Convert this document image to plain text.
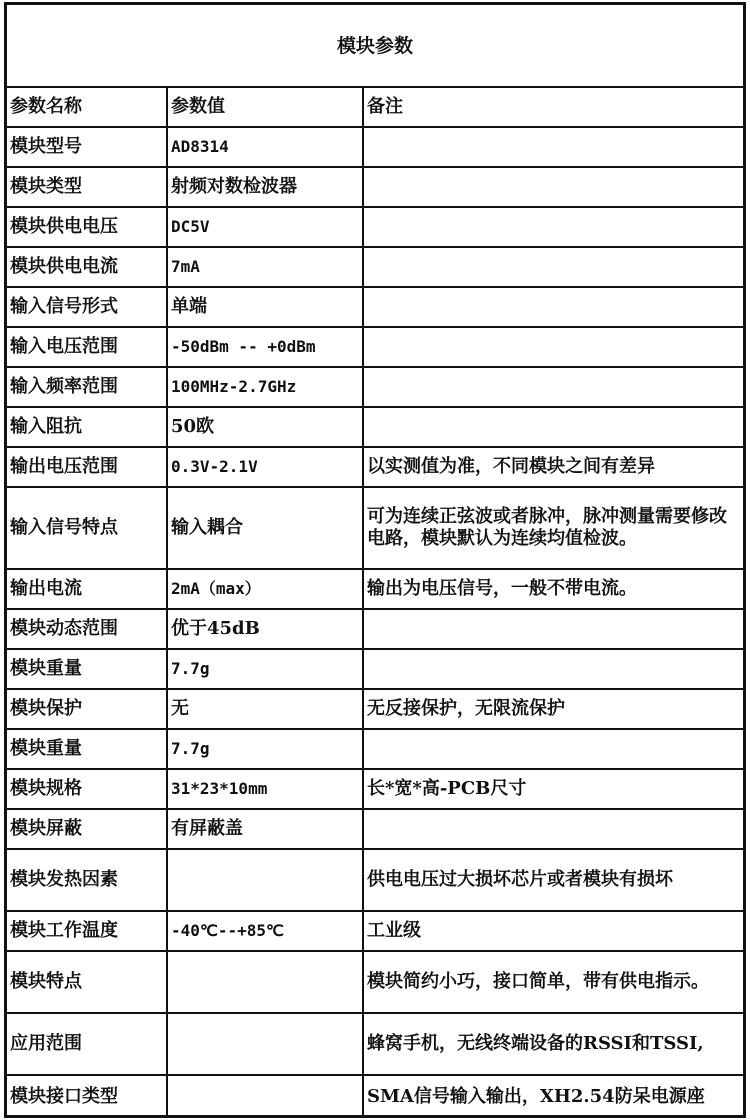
模块参数		
参数名称	参数值	备注
模块型号	AD8314	
模块类型	射频对数检波器	
模块供电电压	DC5V	
模块供电电流	7mA	
输入信号形式	单端	
输入电压范围	-50dBm -- +0dBm	
输入频率范围	100MHz-2.7GHz	
输入阻抗	50欧	
输出电压范围	0.3V-2.1V	以实测值为准，不同模块之间有差异
输入信号特点	输入耦合	可为连续正弦波或者脉冲，脉冲测量需要修改电路，模块默认为连续均值检波。
输出电流	2mA（max）	输出为电压信号，一般不带电流。
模块动态范围	优于45dB	
模块重量	7.7g	
模块保护	无	无反接保护，无限流保护
模块重量	7.7g	
模块规格	31*23*10mm	长*宽*高-PCB尺寸
模块屏蔽	有屏蔽盖	
模块发热因素		供电电压过大损坏芯片或者模块有损坏
模块工作温度	-40℃--+85℃	工业级
模块特点		模块简约小巧，接口简单，带有供电指示。
应用范围		蜂窝手机，无线终端设备的RSSI和TSSI,
模块接口类型		SMA信号输入输出，XH2.54防呆电源座
